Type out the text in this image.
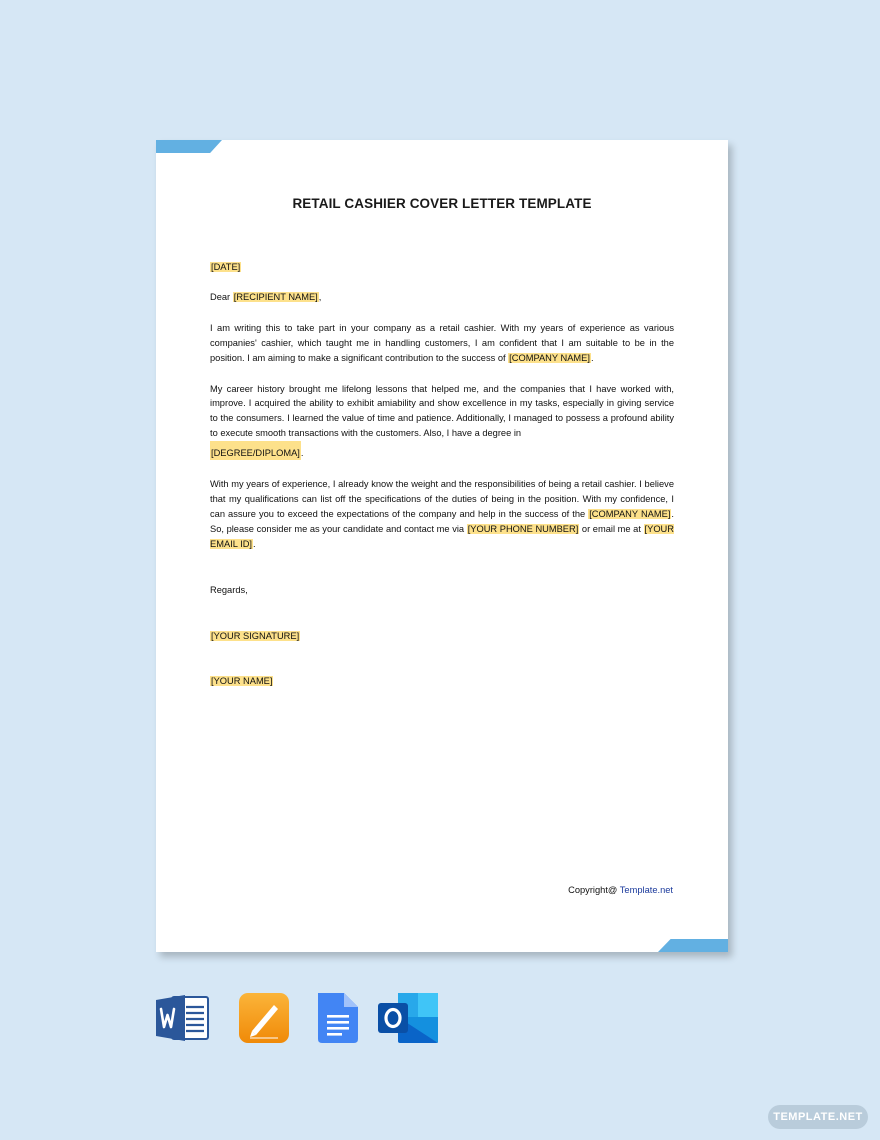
RETAIL CASHIER COVER LETTER TEMPLATE

[DATE]

Dear [RECIPIENT NAME],

I am writing this to take part in your company as a retail cashier. With my years of experience as various companies' cashier, which taught me in handling customers, I am confident that I am suitable to be in the position. I am aiming to make a significant contribution to the success of [COMPANY NAME].

My career history brought me lifelong lessons that helped me, and the companies that I have worked with, improve. I acquired the ability to exhibit amiability and show excellence in my tasks, especially in giving service to the consumers. I learned the value of time and patience. Additionally, I managed to possess a profound ability to execute smooth transactions with the customers. Also, I have a degree in
[DEGREE/DIPLOMA].

With my years of experience, I already know the weight and the responsibilities of being a retail cashier. I believe that my qualifications can list off the specifications of the duties of being in the position. With my confidence, I can assure you to exceed the expectations of the company and help in the success of the [COMPANY NAME]. So, please consider me as your candidate and contact me via [YOUR PHONE NUMBER] or email me at [YOUR EMAIL ID].

Regards,

[YOUR SIGNATURE]

[YOUR NAME]

Copyright@ Template.net
TEMPLATE.NET
